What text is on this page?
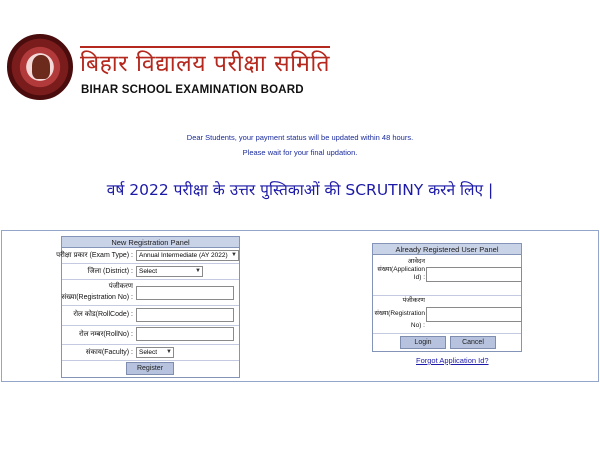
बिहार विद्यालय परीक्षा समिति
BIHAR SCHOOL EXAMINATION BOARD
Dear Students, your payment status will be updated within 48 hours.
Please wait for your final updation.
वर्ष 2022 परीक्षा के उत्तर पुस्तिकाओं की SCRUTINY करने लिए |
New Registration Panel
परीक्षा प्रकार (Exam Type) : Annual Intermediate (AY 2022) ▼
जिला (District) : Select	▼
पंजीकरण
संख्या(Registration No) :
रोल कोड(RollCode) :
रोल नम्बर(RollNo) :
संकाय(Faculty) : Select ▼
Register
Already Registered User Panel
आवेदन
संख्या(Application
Id) :
पंजीकरण
संख्या(Registration
No) :
Login	Cancel
Forgot Application Id?
